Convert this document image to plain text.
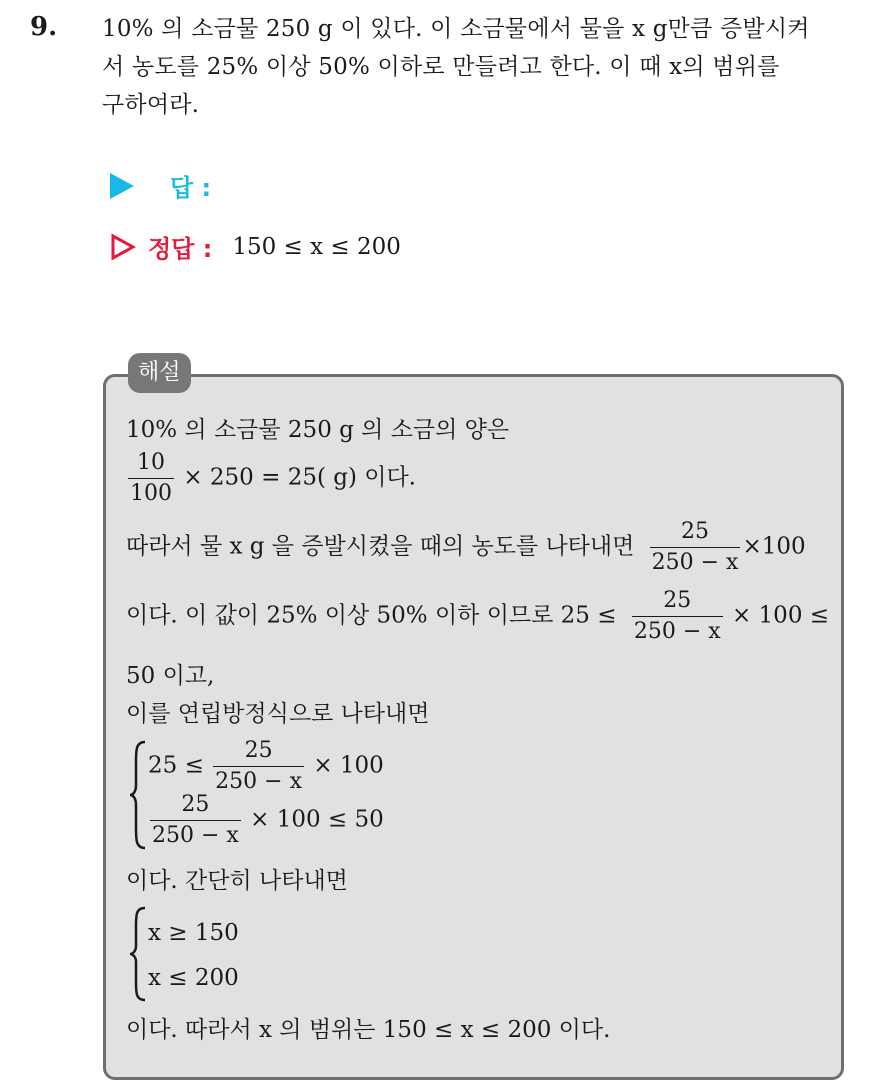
9. 10% 의 소금물 250 g 이 있다. 이 소금물에서 물을 x g만큼 증발시켜
서 농도를 25% 이상 50% 이하로 만들려고 한다. 이 때 x의 범위를
구하여라.
답 :
정답 : 150 ≤ x ≤ 200
해설
10% 의 소금물 250 g 의 소금의 양은
$\frac{10}{100} \times 250 = 25$( g) 이다.
따라서 물 x g 을 증발시켰을 때의 농도를 나타내면 $\frac{25}{250 - x} \times 100$
이다. 이 값이 25% 이상 50% 이하 이므로 $25 \le \frac{25}{250 - x} \times 100$ ≤
50 이고,
이를 연립방정식으로 나타내면
$25 \le \frac{25}{250 - x} \times 100$
$\frac{25}{250 - x} \times 100 \le 50$
이다. 간단히 나타내면
x ≥ 150
x ≤ 200
이다. 따라서 x 의 범위는 150 ≤ x ≤ 200 이다.
